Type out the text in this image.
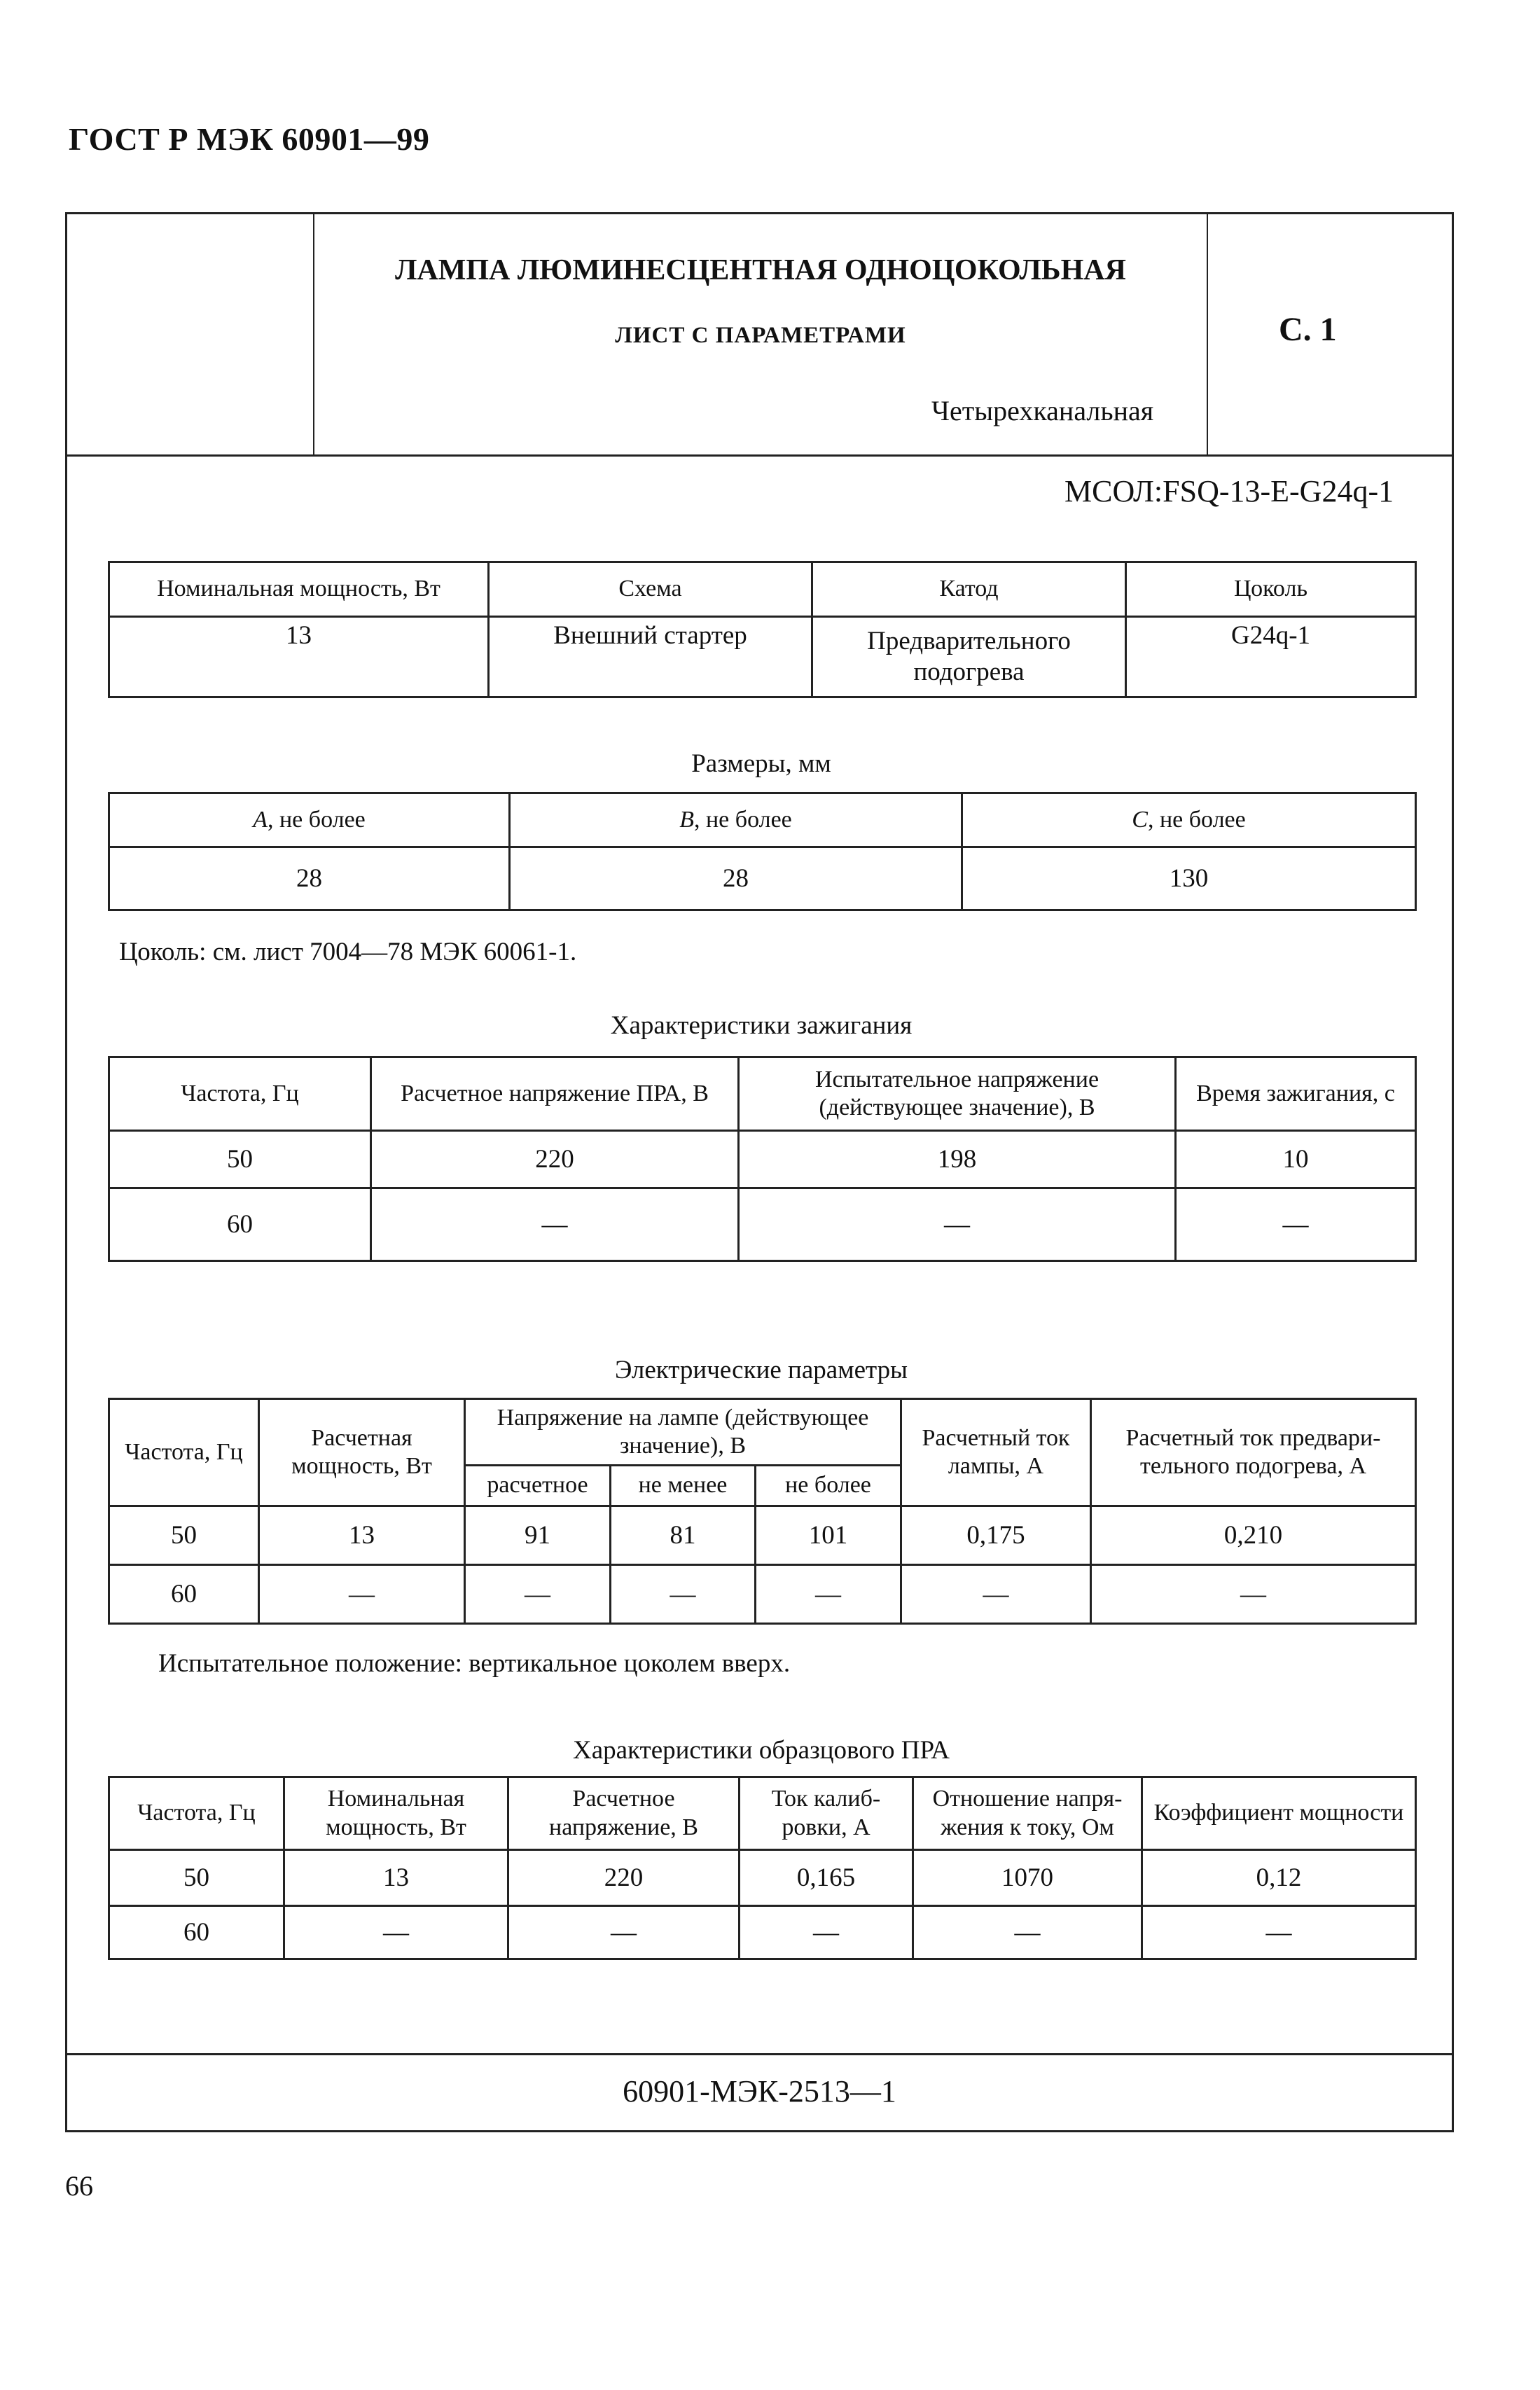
ГОСТ Р МЭК 60901—99
ЛАМПА ЛЮМИНЕСЦЕНТНАЯ ОДНОЦОКОЛЬНАЯ
ЛИСТ С ПАРАМЕТРАМИ
Четырехканальная
С. 1
60901-МЭК-2513—1
МСОЛ:FSQ-13-E-G24q-1
Номинальная мощность, Вт	Схема	Катод	Цоколь
13	Внешний стартер	Предварительного подогрева	G24q-1
Размеры, мм
A, не более	B, не более	C, не более
28	28	130
Цоколь: см. лист 7004—78 МЭК 60061-1.
Характеристики зажигания
Частота, Гц	Расчетное напряжение ПРА, В	Испытательное напряжение (действующее значение), В	Время зажигания, с
50	220	198	10
60	—	—	—
Электрические параметры
Частота, Гц	Расчетная мощность, Вт	Напряжение на лампе (действующее значение), В			Расчетный ток лампы, А	Расчетный ток предвари-тельного подогрева, А
		расчетное	не менее	не более		
50	13	91	81	101	0,175	0,210
60	—	—	—	—	—	—
Испытательное положение: вертикальное цоколем вверх.
Характеристики образцового ПРА
Частота, Гц	Номинальная мощность, Вт	Расчетное напряжение, В	Ток калиб-ровки, А	Отношение напря-жения к току, Ом	Коэффициент мощности
50	13	220	0,165	1070	0,12
60	—	—	—	—	—
66
